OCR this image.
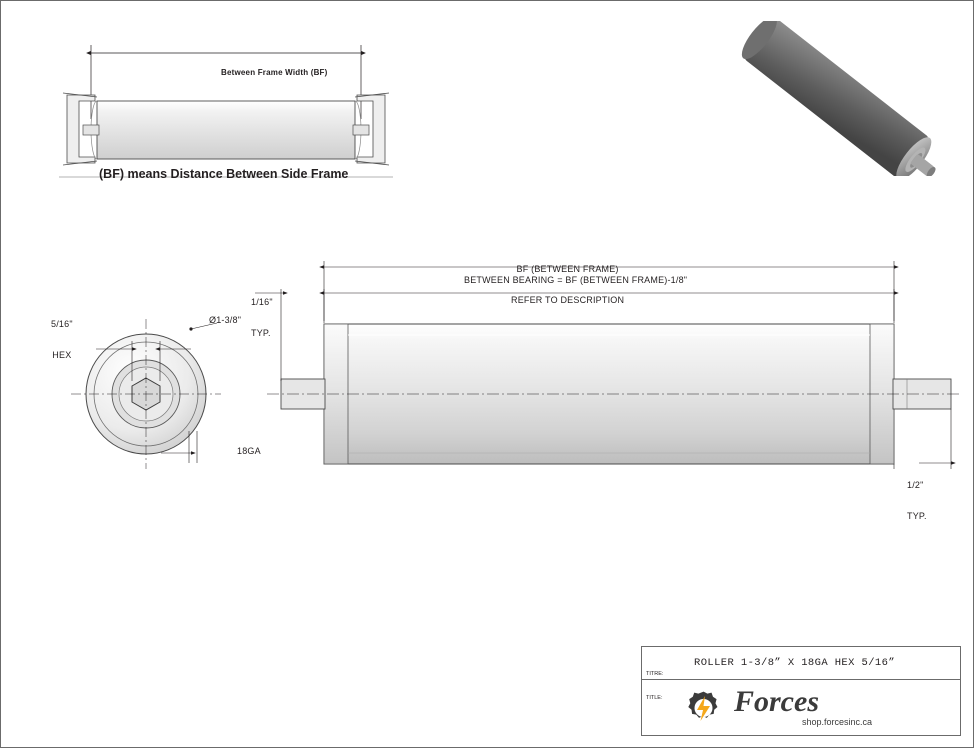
Between Frame Width (BF)
(BF) means Distance Between Side Frame

BF (BETWEEN FRAME)

REFER TO DESCRIPTION

BETWEEN BEARING = BF (BETWEEN FRAME)-1/8"

1/16"

TYP.

1/2"

TYP.

5/16"

HEX

Ø1-3/8"
18GA

TITRE:

TITLE:

ROLLER 1-3/8” X 18GA HEX 5/16”
Forces
shop.forcesinc.ca
